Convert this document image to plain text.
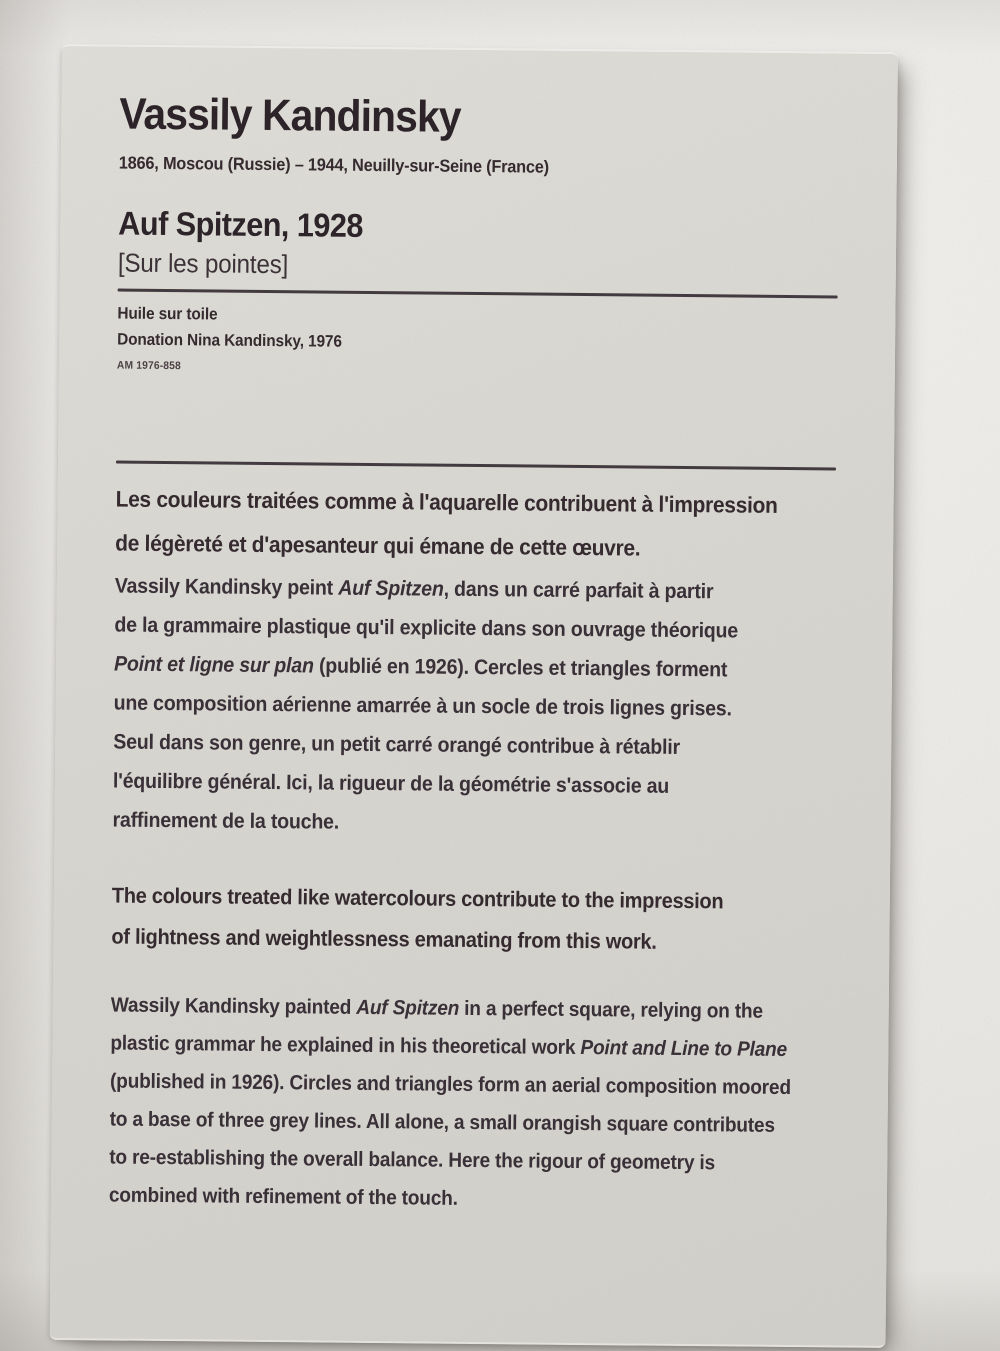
Vassily Kandinsky
1866, Moscou (Russie) – 1944, Neuilly-sur-Seine (France)
Auf Spitzen, 1928
[Sur les pointes]
Huile sur toile
Donation Nina Kandinsky, 1976
AM 1976-858
Les couleurs traitées comme à l'aquarelle contribuent à l'impression
de légèreté et d'apesanteur qui émane de cette œuvre.
Vassily Kandinsky peint Auf Spitzen, dans un carré parfait à partir
de la grammaire plastique qu'il explicite dans son ouvrage théorique
Point et ligne sur plan (publié en 1926). Cercles et triangles forment
une composition aérienne amarrée à un socle de trois lignes grises.
Seul dans son genre, un petit carré orangé contribue à rétablir
l'équilibre général. Ici, la rigueur de la géométrie s'associe au
raffinement de la touche.
The colours treated like watercolours contribute to the impression
of lightness and weightlessness emanating from this work.
Wassily Kandinsky painted Auf Spitzen in a perfect square, relying on the
plastic grammar he explained in his theoretical work Point and Line to Plane
(published in 1926). Circles and triangles form an aerial composition moored
to a base of three grey lines. All alone, a small orangish square contributes
to re-establishing the overall balance. Here the rigour of geometry is
combined with refinement of the touch.
